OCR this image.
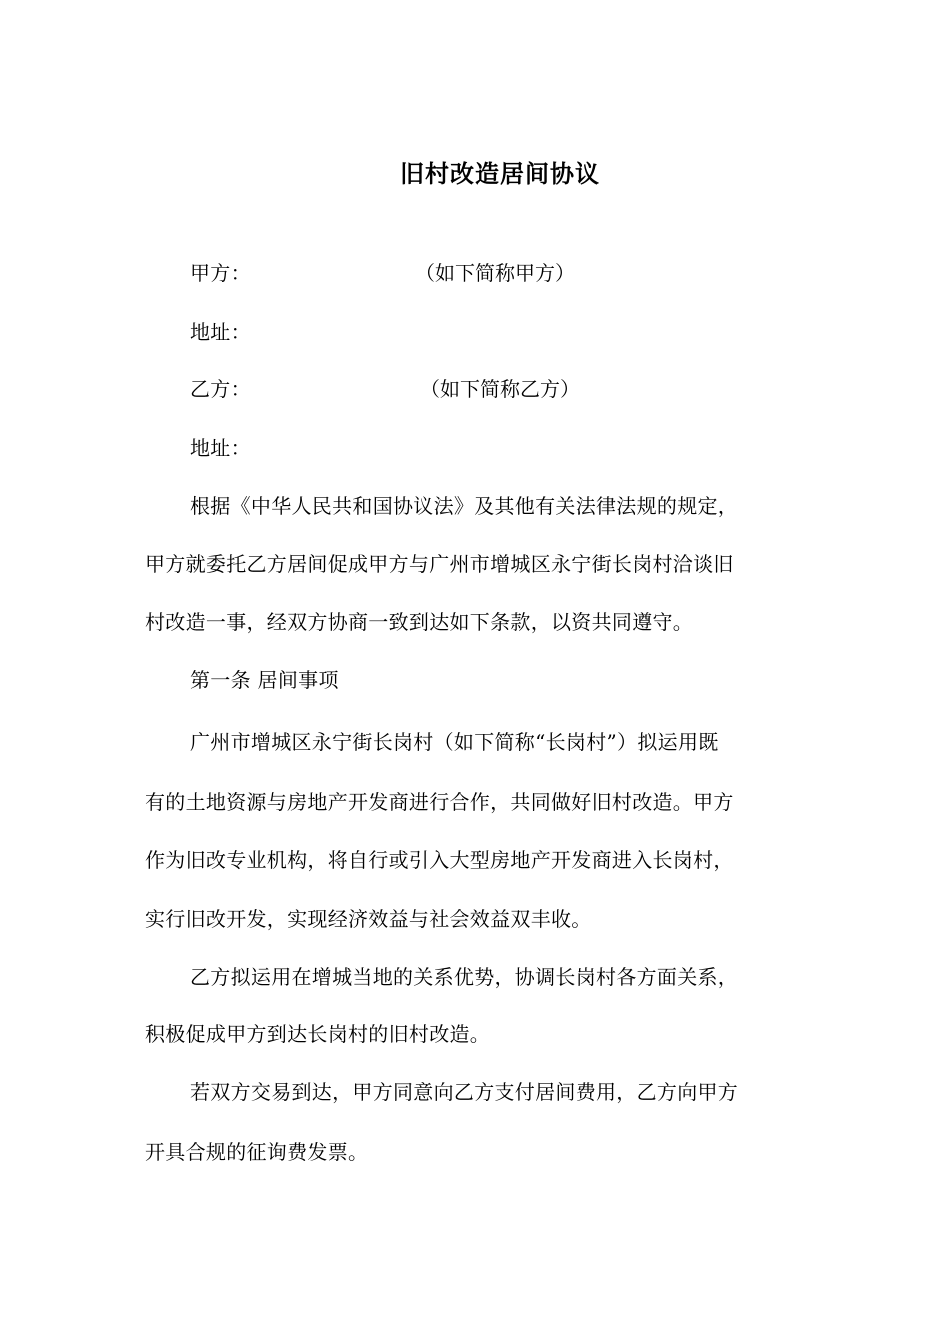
旧村改造居间协议
甲方：	（如下简称甲方）
地址：
乙方：	（如下简称乙方）
地址：
根据《中华人民共和国协议法》及其他有关法律法规的规定，
甲方就委托乙方居间促成甲方与广州市增城区永宁街长岗村洽谈旧
村改造一事，经双方协商一致到达如下条款，以资共同遵守。
第一条 居间事项
广州市增城区永宁街长岗村（如下简称“长岗村”）拟运用既
有的土地资源与房地产开发商进行合作，共同做好旧村改造。甲方
作为旧改专业机构，将自行或引入大型房地产开发商进入长岗村，
实行旧改开发，实现经济效益与社会效益双丰收。
乙方拟运用在增城当地的关系优势，协调长岗村各方面关系，
积极促成甲方到达长岗村的旧村改造。
若双方交易到达，甲方同意向乙方支付居间费用，乙方向甲方
开具合规的征询费发票。
